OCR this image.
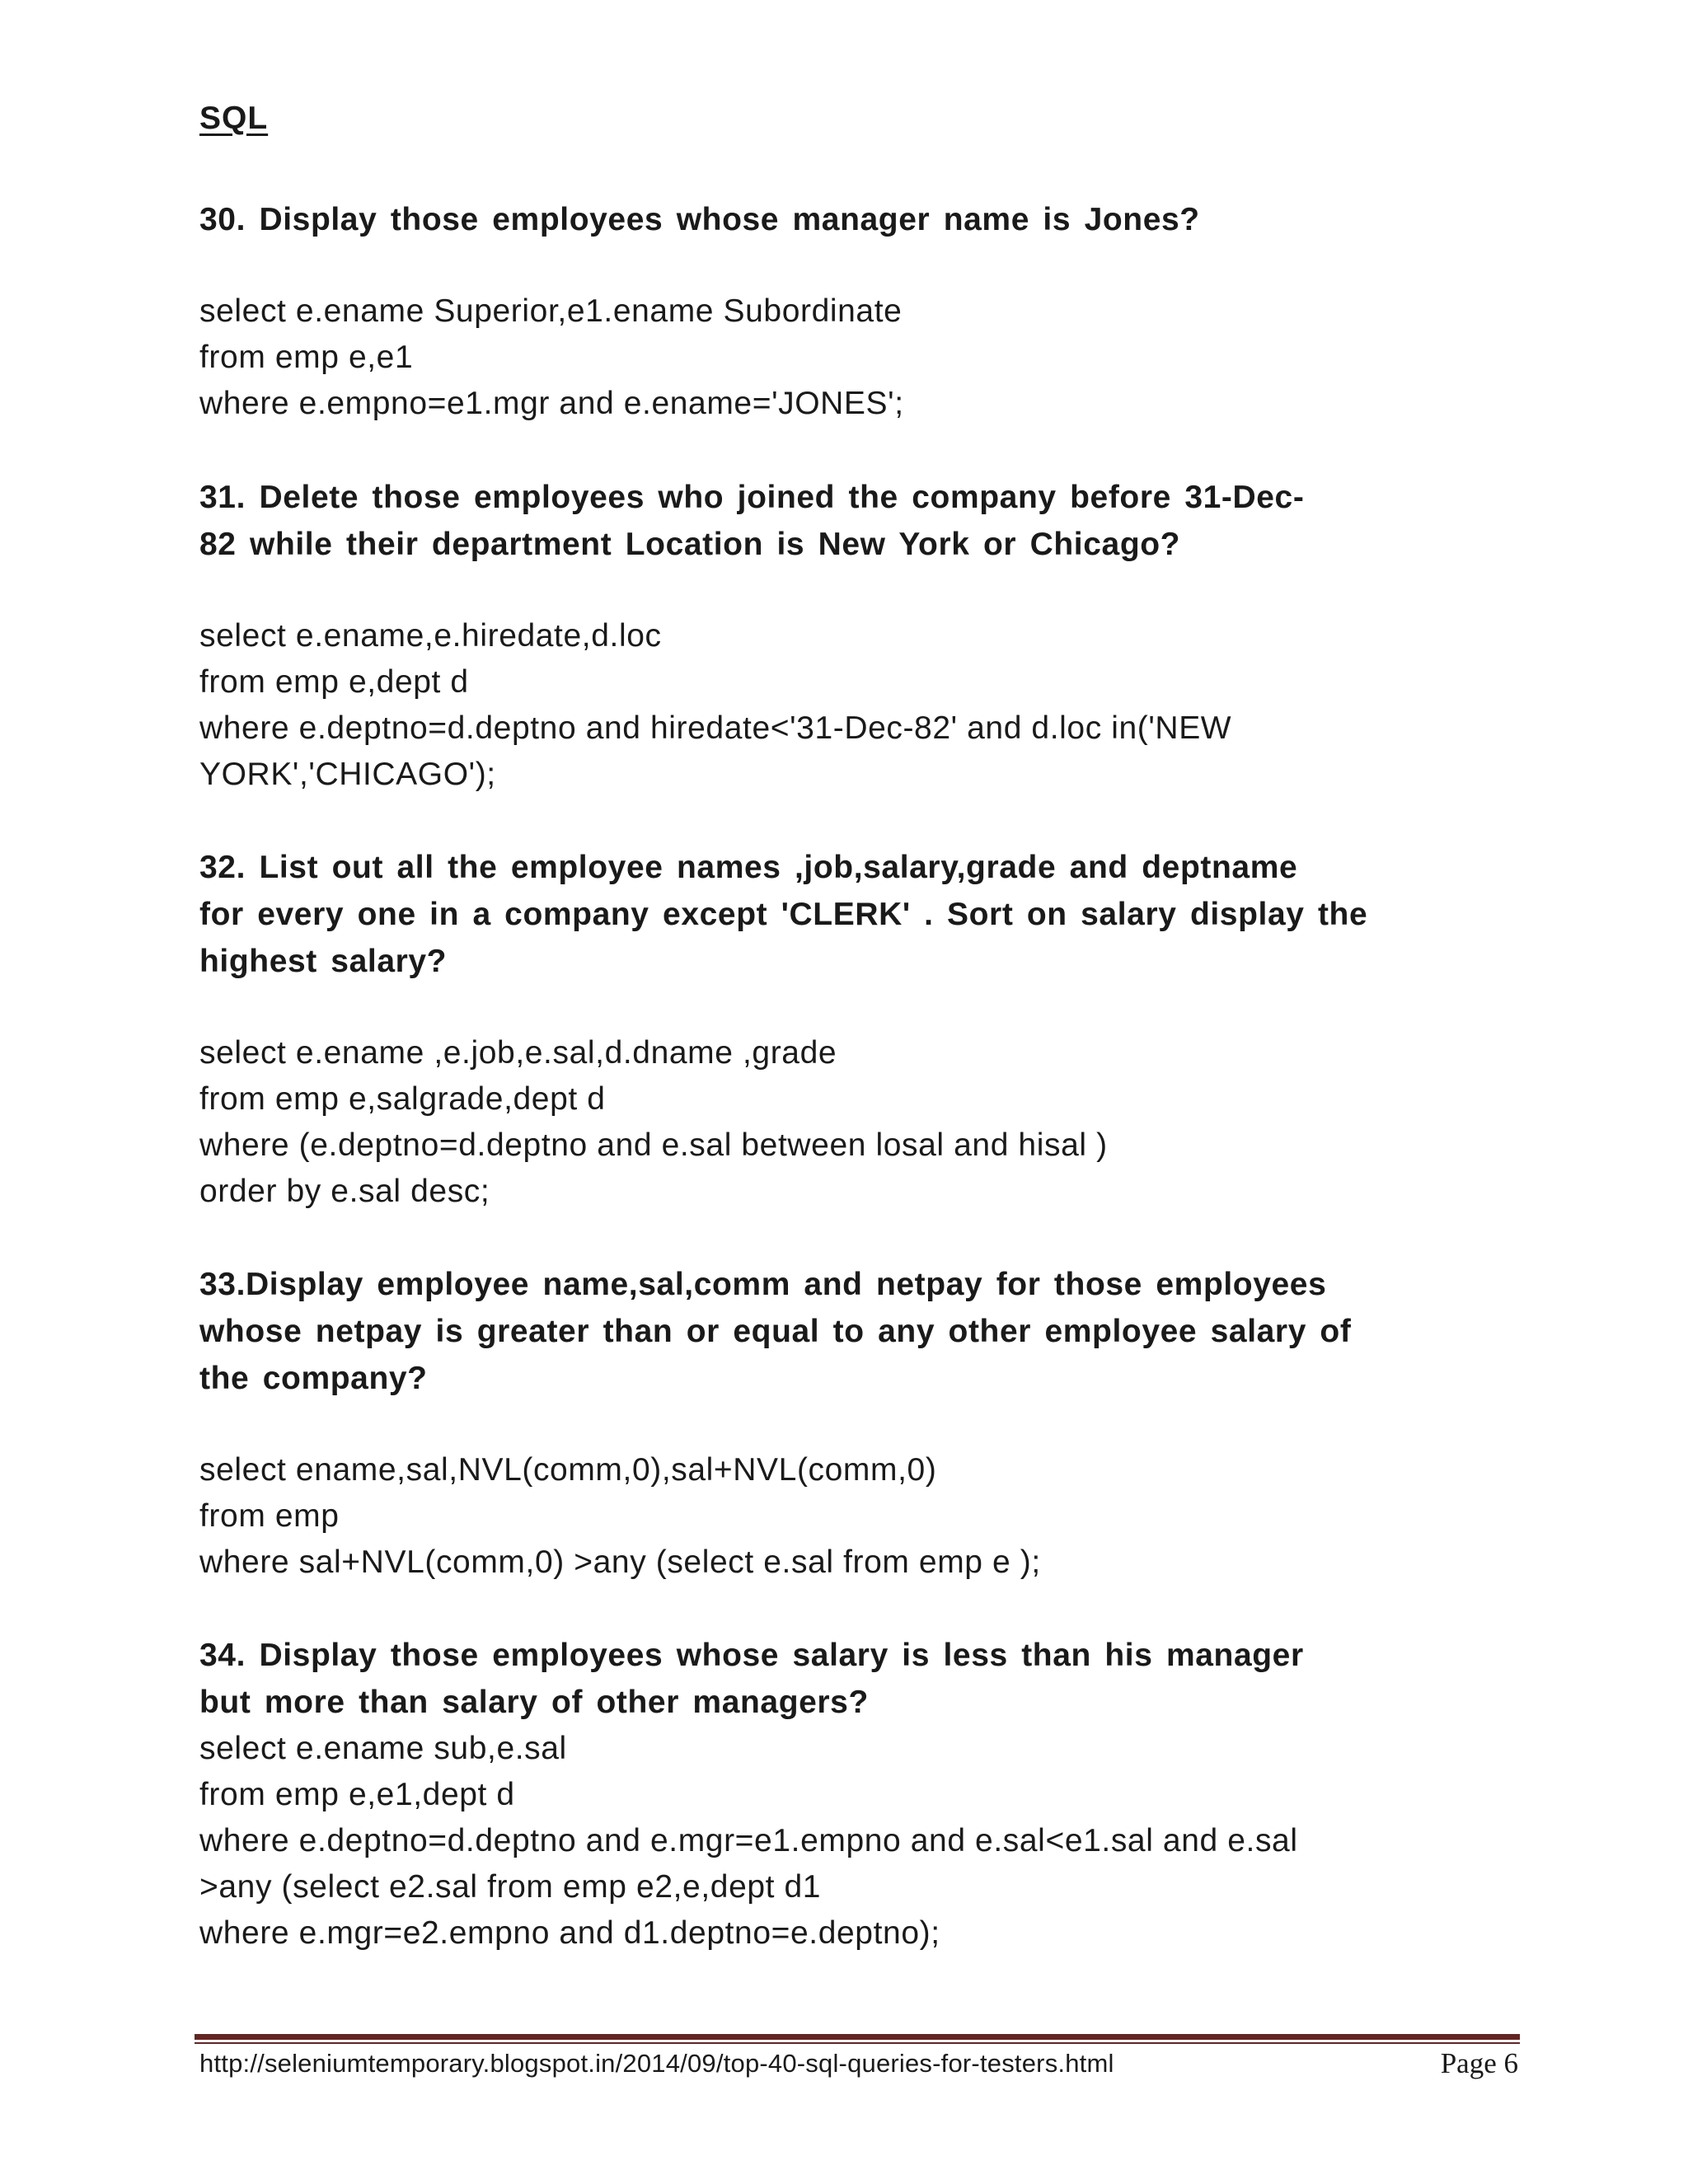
SQL
30. Display those employees whose manager name is Jones?
select e.ename Superior,e1.ename Subordinate
from emp e,e1
where e.empno=e1.mgr and e.ename='JONES';
31. Delete those employees who joined the company before 31-Dec-
82 while their department Location is New York or Chicago?
select e.ename,e.hiredate,d.loc
from emp e,dept d
where e.deptno=d.deptno and hiredate<'31-Dec-82' and d.loc in('NEW
YORK','CHICAGO');
32. List out all the employee names ,job,salary,grade and deptname
for every one in a company except 'CLERK' . Sort on salary display the
highest salary?
select e.ename ,e.job,e.sal,d.dname ,grade
from emp e,salgrade,dept d
where (e.deptno=d.deptno and e.sal between losal and hisal )
order by e.sal desc;
33.Display employee name,sal,comm and netpay for those employees
whose netpay is greater than or equal to any other employee salary of
the company?
select ename,sal,NVL(comm,0),sal+NVL(comm,0)
from emp
where sal+NVL(comm,0) >any (select e.sal from emp e );
34. Display those employees whose salary is less than his manager
but more than salary of other managers?
select e.ename sub,e.sal
from emp e,e1,dept d
where e.deptno=d.deptno and e.mgr=e1.empno and e.sal<e1.sal and e.sal
>any (select e2.sal from emp e2,e,dept d1
where e.mgr=e2.empno and d1.deptno=e.deptno);
http://seleniumtemporary.blogspot.in/2014/09/top-40-sql-queries-for-testers.html	Page 6
